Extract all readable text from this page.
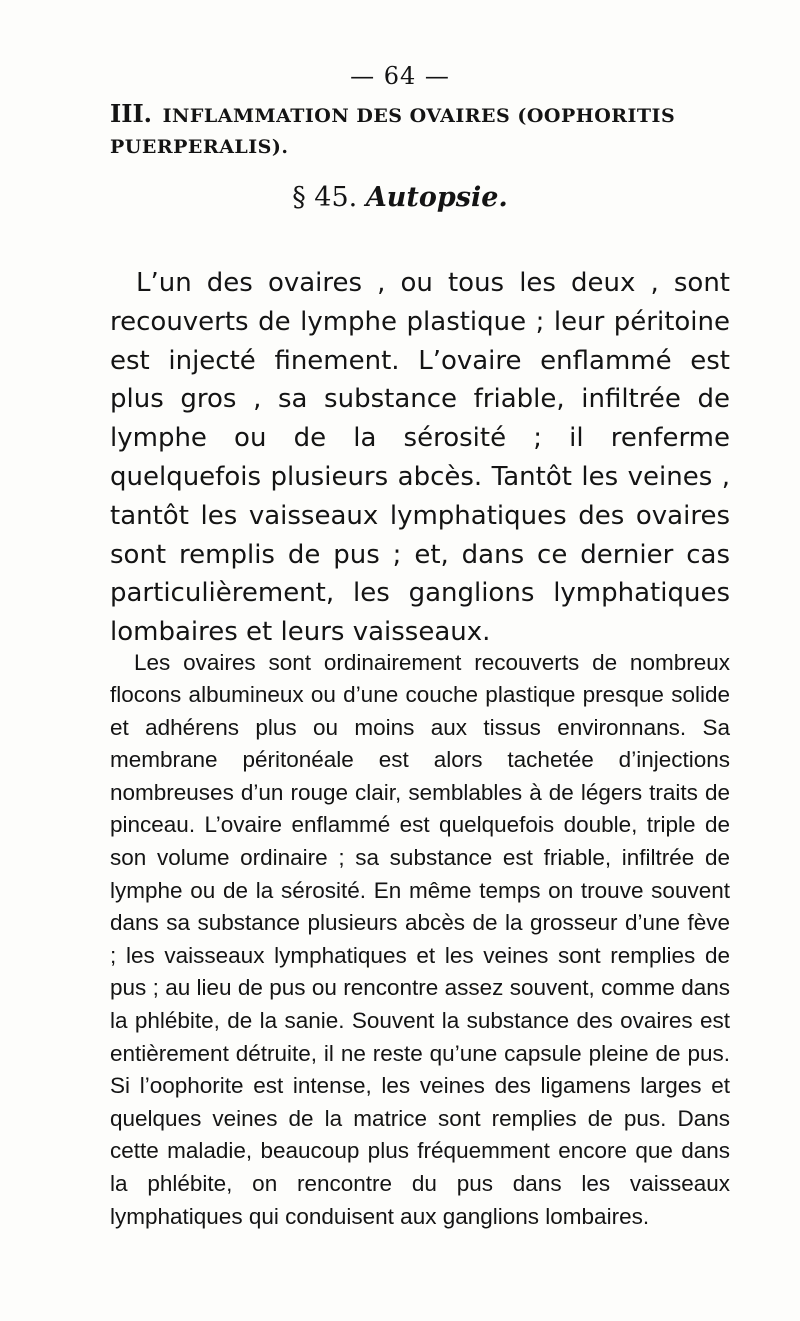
— 64 —
III. INFLAMMATION DES OVAIRES (OOPHORITIS PUERPERALIS).
§ 45. Autopsie.

L’un des ovaires , ou tous les deux , sont recouverts de lymphe plastique ; leur péritoine est injecté finement. L’ovaire enflammé est plus gros , sa substance friable, infiltrée de lymphe ou de la sérosité ; il renferme quelquefois plusieurs abcès. Tantôt les veines , tantôt les vaisseaux lymphatiques des ovaires sont remplis de pus ; et, dans ce dernier cas particulièrement, les ganglions lymphatiques lombaires et leurs vaisseaux.

Les ovaires sont ordinairement recouverts de nombreux flocons albumineux ou d’une couche plastique presque solide et adhérens plus ou moins aux tissus environnans. Sa membrane péritonéale est alors tachetée d’injections nombreuses d’un rouge clair, semblables à de légers traits de pinceau. L’ovaire enflammé est quelquefois double, triple de son volume ordinaire ; sa substance est friable, infiltrée de lymphe ou de la sérosité. En même temps on trouve souvent dans sa substance plusieurs abcès de la grosseur d’une fève ; les vaisseaux lymphatiques et les veines sont remplies de pus ; au lieu de pus ou rencontre assez souvent, comme dans la phlébite, de la sanie. Souvent la substance des ovaires est entièrement détruite, il ne reste qu’une capsule pleine de pus. Si l’oophorite est intense, les veines des ligamens larges et quelques veines de la matrice sont remplies de pus. Dans cette maladie, beaucoup plus fréquemment encore que dans la phlébite, on rencontre du pus dans les vaisseaux lymphatiques qui conduisent aux ganglions lombaires.
